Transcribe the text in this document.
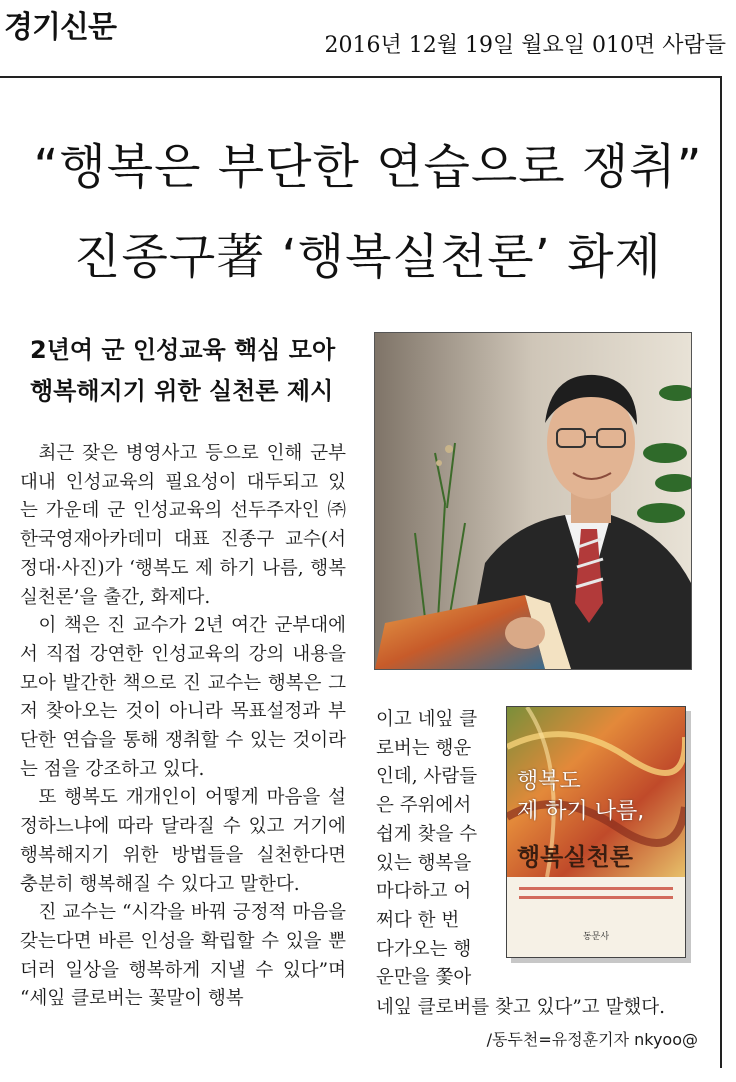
경기신문
2016년 12월 19일 월요일 010면 사람들
“행복은 부단한 연습으로 쟁취”
진종구著 ‘행복실천론’ 화제
2년여 군 인성교육 핵심 모아
행복해지기 위한 실천론 제시

최근 잦은 병영사고 등으로 인해 군부대내 인성교육의 필요성이 대두되고 있는 가운데 군 인성교육의 선두주자인 ㈜한국영재아카데미 대표 진종구 교수(서정대·사진)가 ‘행복도 제 하기 나름, 행복실천론’을 출간, 화제다.

이 책은 진 교수가 2년 여간 군부대에서 직접 강연한 인성교육의 강의 내용을 모아 발간한 책으로 진 교수는 행복은 그저 찾아오는 것이 아니라 목표설정과 부단한 연습을 통해 쟁취할 수 있는 것이라는 점을 강조하고 있다.

또 행복도 개개인이 어떻게 마음을 설정하느냐에 따라 달라질 수 있고 거기에 행복해지기 위한 방법들을 실천한다면 충분히 행복해질 수 있다고 말한다.

진 교수는 “시각을 바꿔 긍정적 마음을 갖는다면 바른 인성을 확립할 수 있을 뿐더러 일상을 행복하게 지낼 수 있다”며 “세잎 클로버는 꽃말이 행복

이고 네잎 클
로버는 행운
인데, 사람들
은 주위에서
쉽게 찾을 수
있는 행복을
마다하고 어
쩌다 한 번
다가오는 행
운만을 쫓아
행복도
제 하기 나름,
행복실천론
동문사
네잎 클로버를 찾고 있다”고 말했다.
/동두천=유정훈기자 nkyoo@
